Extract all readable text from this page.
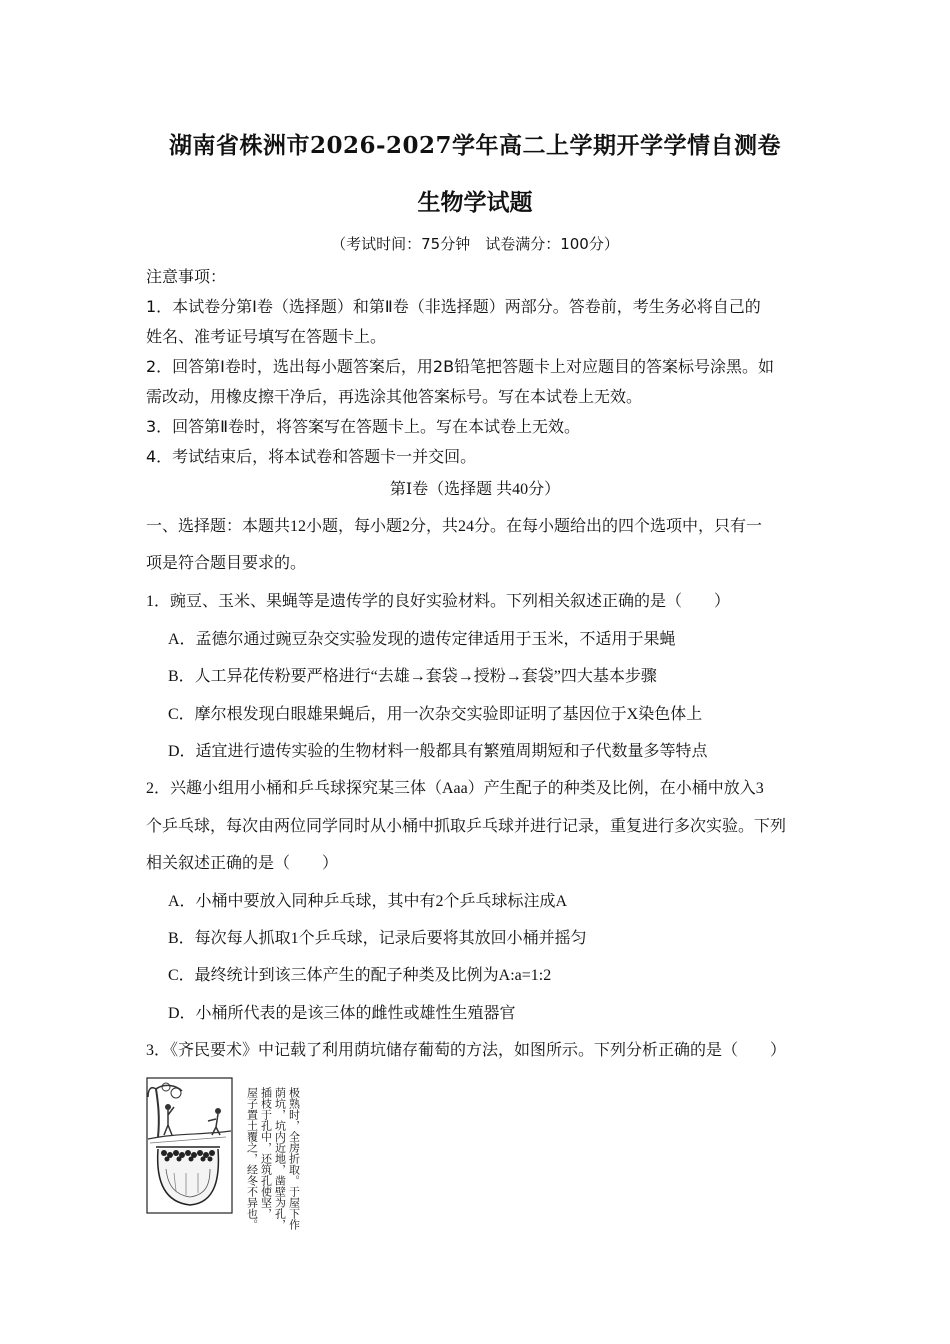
湖南省株洲市2026-2027学年高二上学期开学学情自测卷
生物学试题
（考试时间：75分钟　试卷满分：100分）
注意事项：
1．本试卷分第Ⅰ卷（选择题）和第Ⅱ卷（非选择题）两部分。答卷前，考生务必将自己的
姓名、准考证号填写在答题卡上。
2．回答第Ⅰ卷时，选出每小题答案后，用2B铅笔把答题卡上对应题目的答案标号涂黑。如
需改动，用橡皮擦干净后，再选涂其他答案标号。写在本试卷上无效。
3．回答第Ⅱ卷时，将答案写在答题卡上。写在本试卷上无效。
4．考试结束后，将本试卷和答题卡一并交回。
第Ⅰ卷（选择题 共40分）
一、选择题：本题共12小题，每小题2分，共24分。在每小题给出的四个选项中，只有一
项是符合题目要求的。
1．豌豆、玉米、果蝇等是遗传学的良好实验材料。下列相关叙述正确的是（　　）
A．孟德尔通过豌豆杂交实验发现的遗传定律适用于玉米，不适用于果蝇
B．人工异花传粉要严格进行“去雄→套袋→授粉→套袋”四大基本步骤
C．摩尔根发现白眼雄果蝇后，用一次杂交实验即证明了基因位于X染色体上
D．适宜进行遗传实验的生物材料一般都具有繁殖周期短和子代数量多等特点
2．兴趣小组用小桶和乒乓球探究某三体（Aaa）产生配子的种类及比例，在小桶中放入3
个乒乓球，每次由两位同学同时从小桶中抓取乒乓球并进行记录，重复进行多次实验。下列
相关叙述正确的是（　　）
A．小桶中要放入同种乒乓球，其中有2个乒乓球标注成A
B．每次每人抓取1个乒乓球，记录后要将其放回小桶并摇匀
C．最终统计到该三体产生的配子种类及比例为A:a=1:2
D．小桶所代表的是该三体的雌性或雄性生殖器官
3．《齐民要术》中记载了利用荫坑储存葡萄的方法，如图所示。下列分析正确的是（　　）
极熟时，全房折取。于屋下作
荫坑，坑内近地，凿壁为孔，
插枝于孔中，还筑孔使坚，
屋子置土覆之，经冬不异也。
